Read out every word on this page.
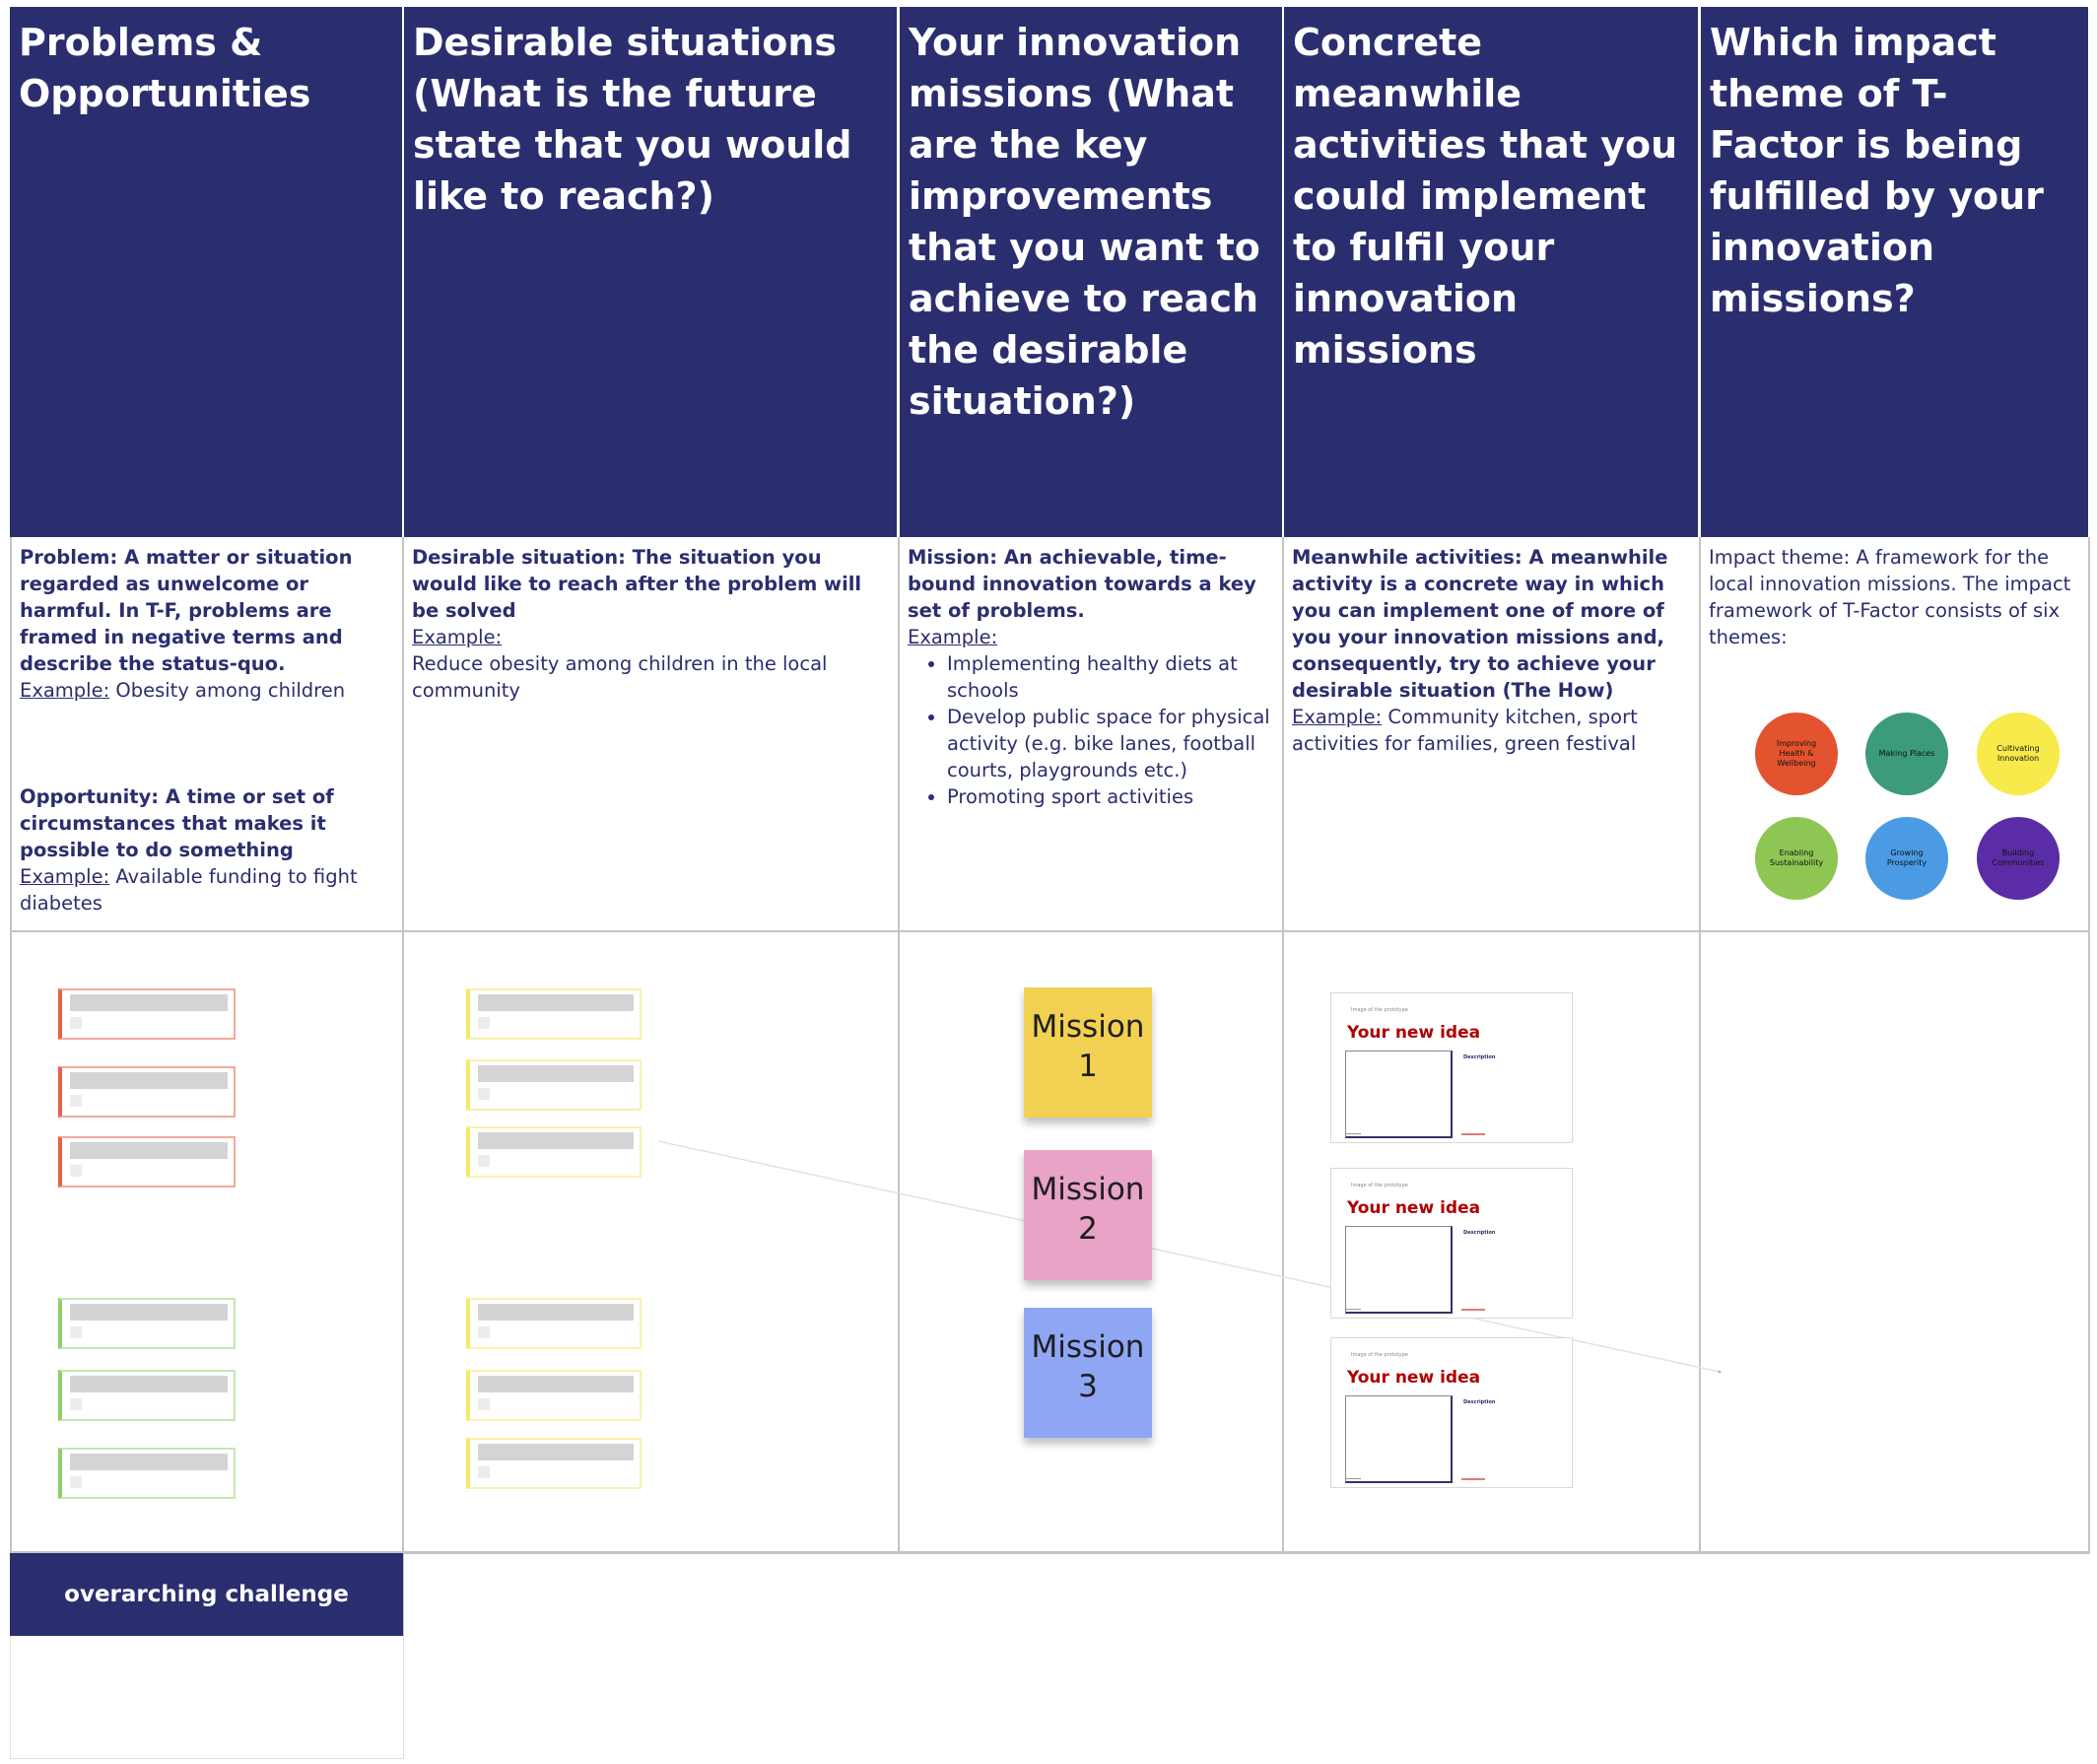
Problems & Opportunities
Desirable situations (What is the future state that you would like to reach?)
Your innovation missions (What are the key improvements that you want to achieve to reach the desirable situation?)
Concrete meanwhile activities that you could implement to fulfil your innovation missions
Which impact theme of T-Factor is being fulfilled by your innovation missions?

Problem: A matter or situation regarded as unwelcome or harmful. In T-F, problems are framed in negative terms and describe the status-quo.

Example: Obesity among children

Opportunity: A time or set of circumstances that makes it possible to do something

Example: Available funding to fight diabetes

Desirable situation: The situation you would like to reach after the problem will be solved

Example:

Reduce obesity among children in the local community

Mission: An achievable, time-bound innovation towards a key set of problems.

Example:

• Implementing healthy diets at schools
• Develop public space for physical activity (e.g. bike lanes, football courts, playgrounds etc.)
• Promoting sport activities

Meanwhile activities: A meanwhile activity is a concrete way in which you can implement one of more of you your innovation missions and, consequently, try to achieve your desirable situation (The How)

Example: Community kitchen, sport activities for families, green festival

Impact theme: A framework for the local innovation missions. The impact framework of T-Factor consists of six themes:

Improving Health & Wellbeing
Making Places
Cultivating Innovation
Enabling Sustainability
Growing Prosperity
Building Communities
Mission 1
Mission 2
Mission 3
Image of the prototype
Your new idea
Description
Image of the prototype
Your new idea
Description
Image of the prototype
Your new idea
Description
overarching challenge
